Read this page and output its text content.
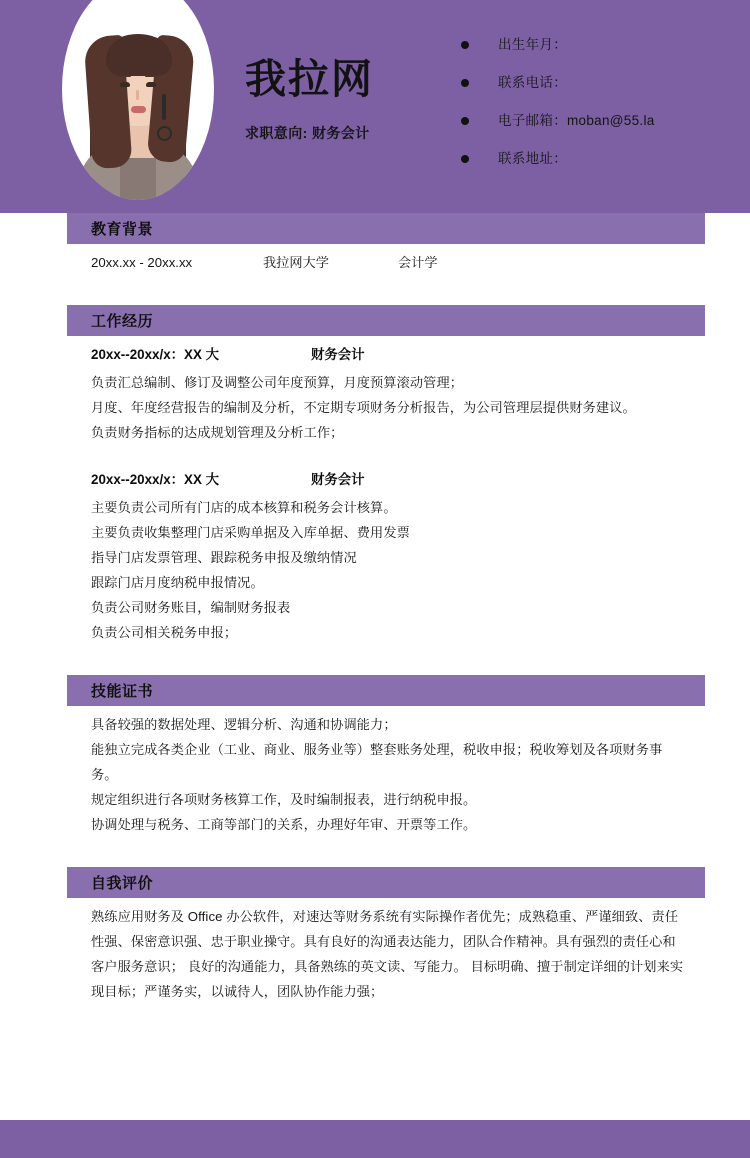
我拉网
求职意向: 财务会计
出生年月：
联系电话：
电子邮箱：moban@55.la
联系地址：
教育背景
20xx.xx - 20xx.xx	我拉网大学	会计学
工作经历
20xx--20xx/x：XX 大	财务会计
负责汇总编制、修订及调整公司年度预算，月度预算滚动管理；
月度、年度经营报告的编制及分析，不定期专项财务分析报告，为公司管理层提供财务建议。
负责财务指标的达成规划管理及分析工作；
20xx--20xx/x：XX 大	财务会计
主要负责公司所有门店的成本核算和税务会计核算。
主要负责收集整理门店采购单据及入库单据、费用发票
指导门店发票管理、跟踪税务申报及缴纳情况
跟踪门店月度纳税申报情况。
负责公司财务账目，编制财务报表
负责公司相关税务申报；
技能证书
具备较强的数据处理、逻辑分析、沟通和协调能力；
能独立完成各类企业（工业、商业、服务业等）整套账务处理，税收申报；税收筹划及各项财务事务。
规定组织进行各项财务核算工作，及时编制报表，进行纳税申报。
协调处理与税务、工商等部门的关系，办理好年审、开票等工作。
自我评价
熟练应用财务及 Office 办公软件，对速达等财务系统有实际操作者优先；成熟稳重、严谨细致、责任性强、保密意识强、忠于职业操守。具有良好的沟通表达能力，团队合作精神。具有强烈的责任心和客户服务意识； 良好的沟通能力，具备熟练的英文读、写能力。 目标明确、擅于制定详细的计划来实现目标；严谨务实，以诚待人，团队协作能力强；
